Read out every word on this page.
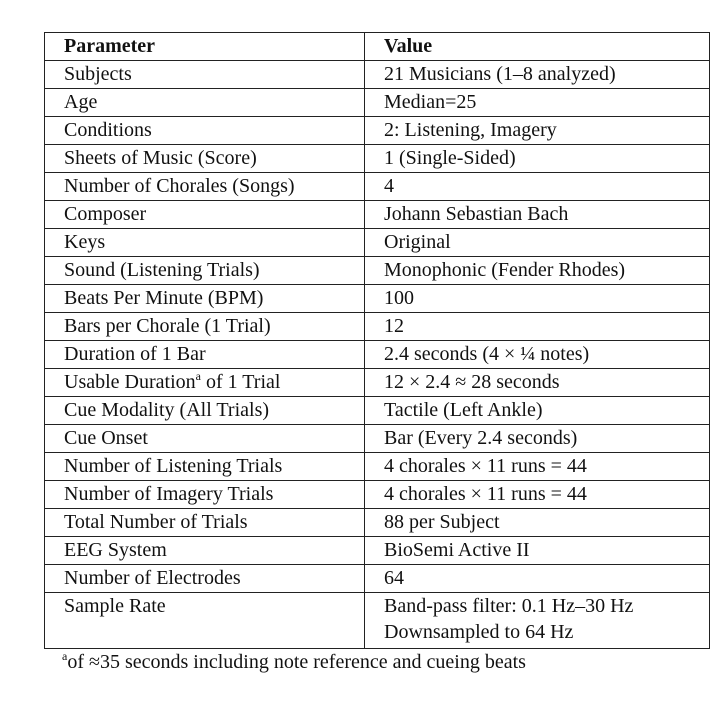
Parameter	Value
Subjects	21 Musicians (1–8 analyzed)
Age	Median=25
Conditions	2: Listening, Imagery
Sheets of Music (Score)	1 (Single-Sided)
Number of Chorales (Songs)	4
Composer	Johann Sebastian Bach
Keys	Original
Sound (Listening Trials)	Monophonic (Fender Rhodes)
Beats Per Minute (BPM)	100
Bars per Chorale (1 Trial)	12
Duration of 1 Bar	2.4 seconds (4 × ¼ notes)
Usable Duration$^a$ of 1 Trial	12 × 2.4 ≈ 28 seconds
Cue Modality (All Trials)	Tactile (Left Ankle)
Cue Onset	Bar (Every 2.4 seconds)
Number of Listening Trials	4 chorales × 11 runs = 44
Number of Imagery Trials	4 chorales × 11 runs = 44
Total Number of Trials	88 per Subject
EEG System	BioSemi Active II
Number of Electrodes	64
Sample Rate	Band-pass filter: 0.1 Hz–30 Hz
Downsampled to 64 Hz
$^a$of ≈35 seconds including note reference and cueing beats
